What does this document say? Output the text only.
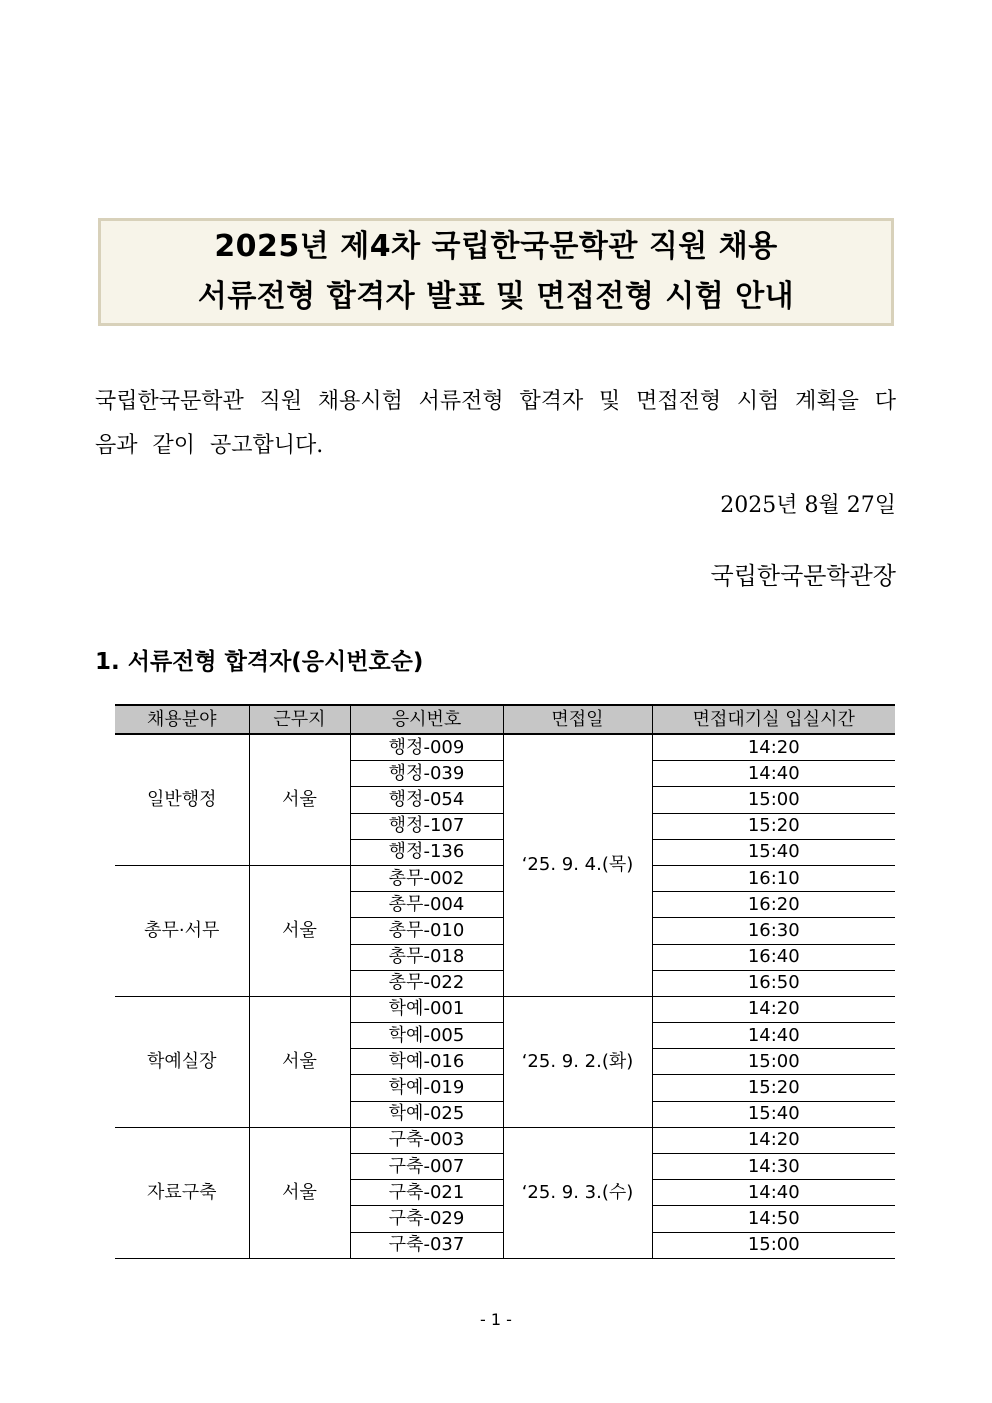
2025년 제4차 국립한국문학관 직원 채용
서류전형 합격자 발표 및 면접전형 시험 안내
국립한국문학관 직원 채용시험 서류전형 합격자 및 면접전형 시험 계획을 다음과 같이 공고합니다.
2025년 8월 27일
국립한국문학관장
1. 서류전형 합격자(응시번호순)
채용분야	근무지	응시번호	면접일	면접대기실 입실시간
일반행정	서울	행정-009	‘25. 9. 4.(목)	14:20
		행정-039		14:40
		행정-054		15:00
		행정-107		15:20
		행정-136		15:40
총무·서무	서울	총무-002		16:10
		총무-004		16:20
		총무-010		16:30
		총무-018		16:40
		총무-022		16:50
학예실장	서울	학예-001	‘25. 9. 2.(화)	14:20
		학예-005		14:40
		학예-016		15:00
		학예-019		15:20
		학예-025		15:40
자료구축	서울	구축-003	‘25. 9. 3.(수)	14:20
		구축-007		14:30
		구축-021		14:40
		구축-029		14:50
		구축-037		15:00
- 1 -
